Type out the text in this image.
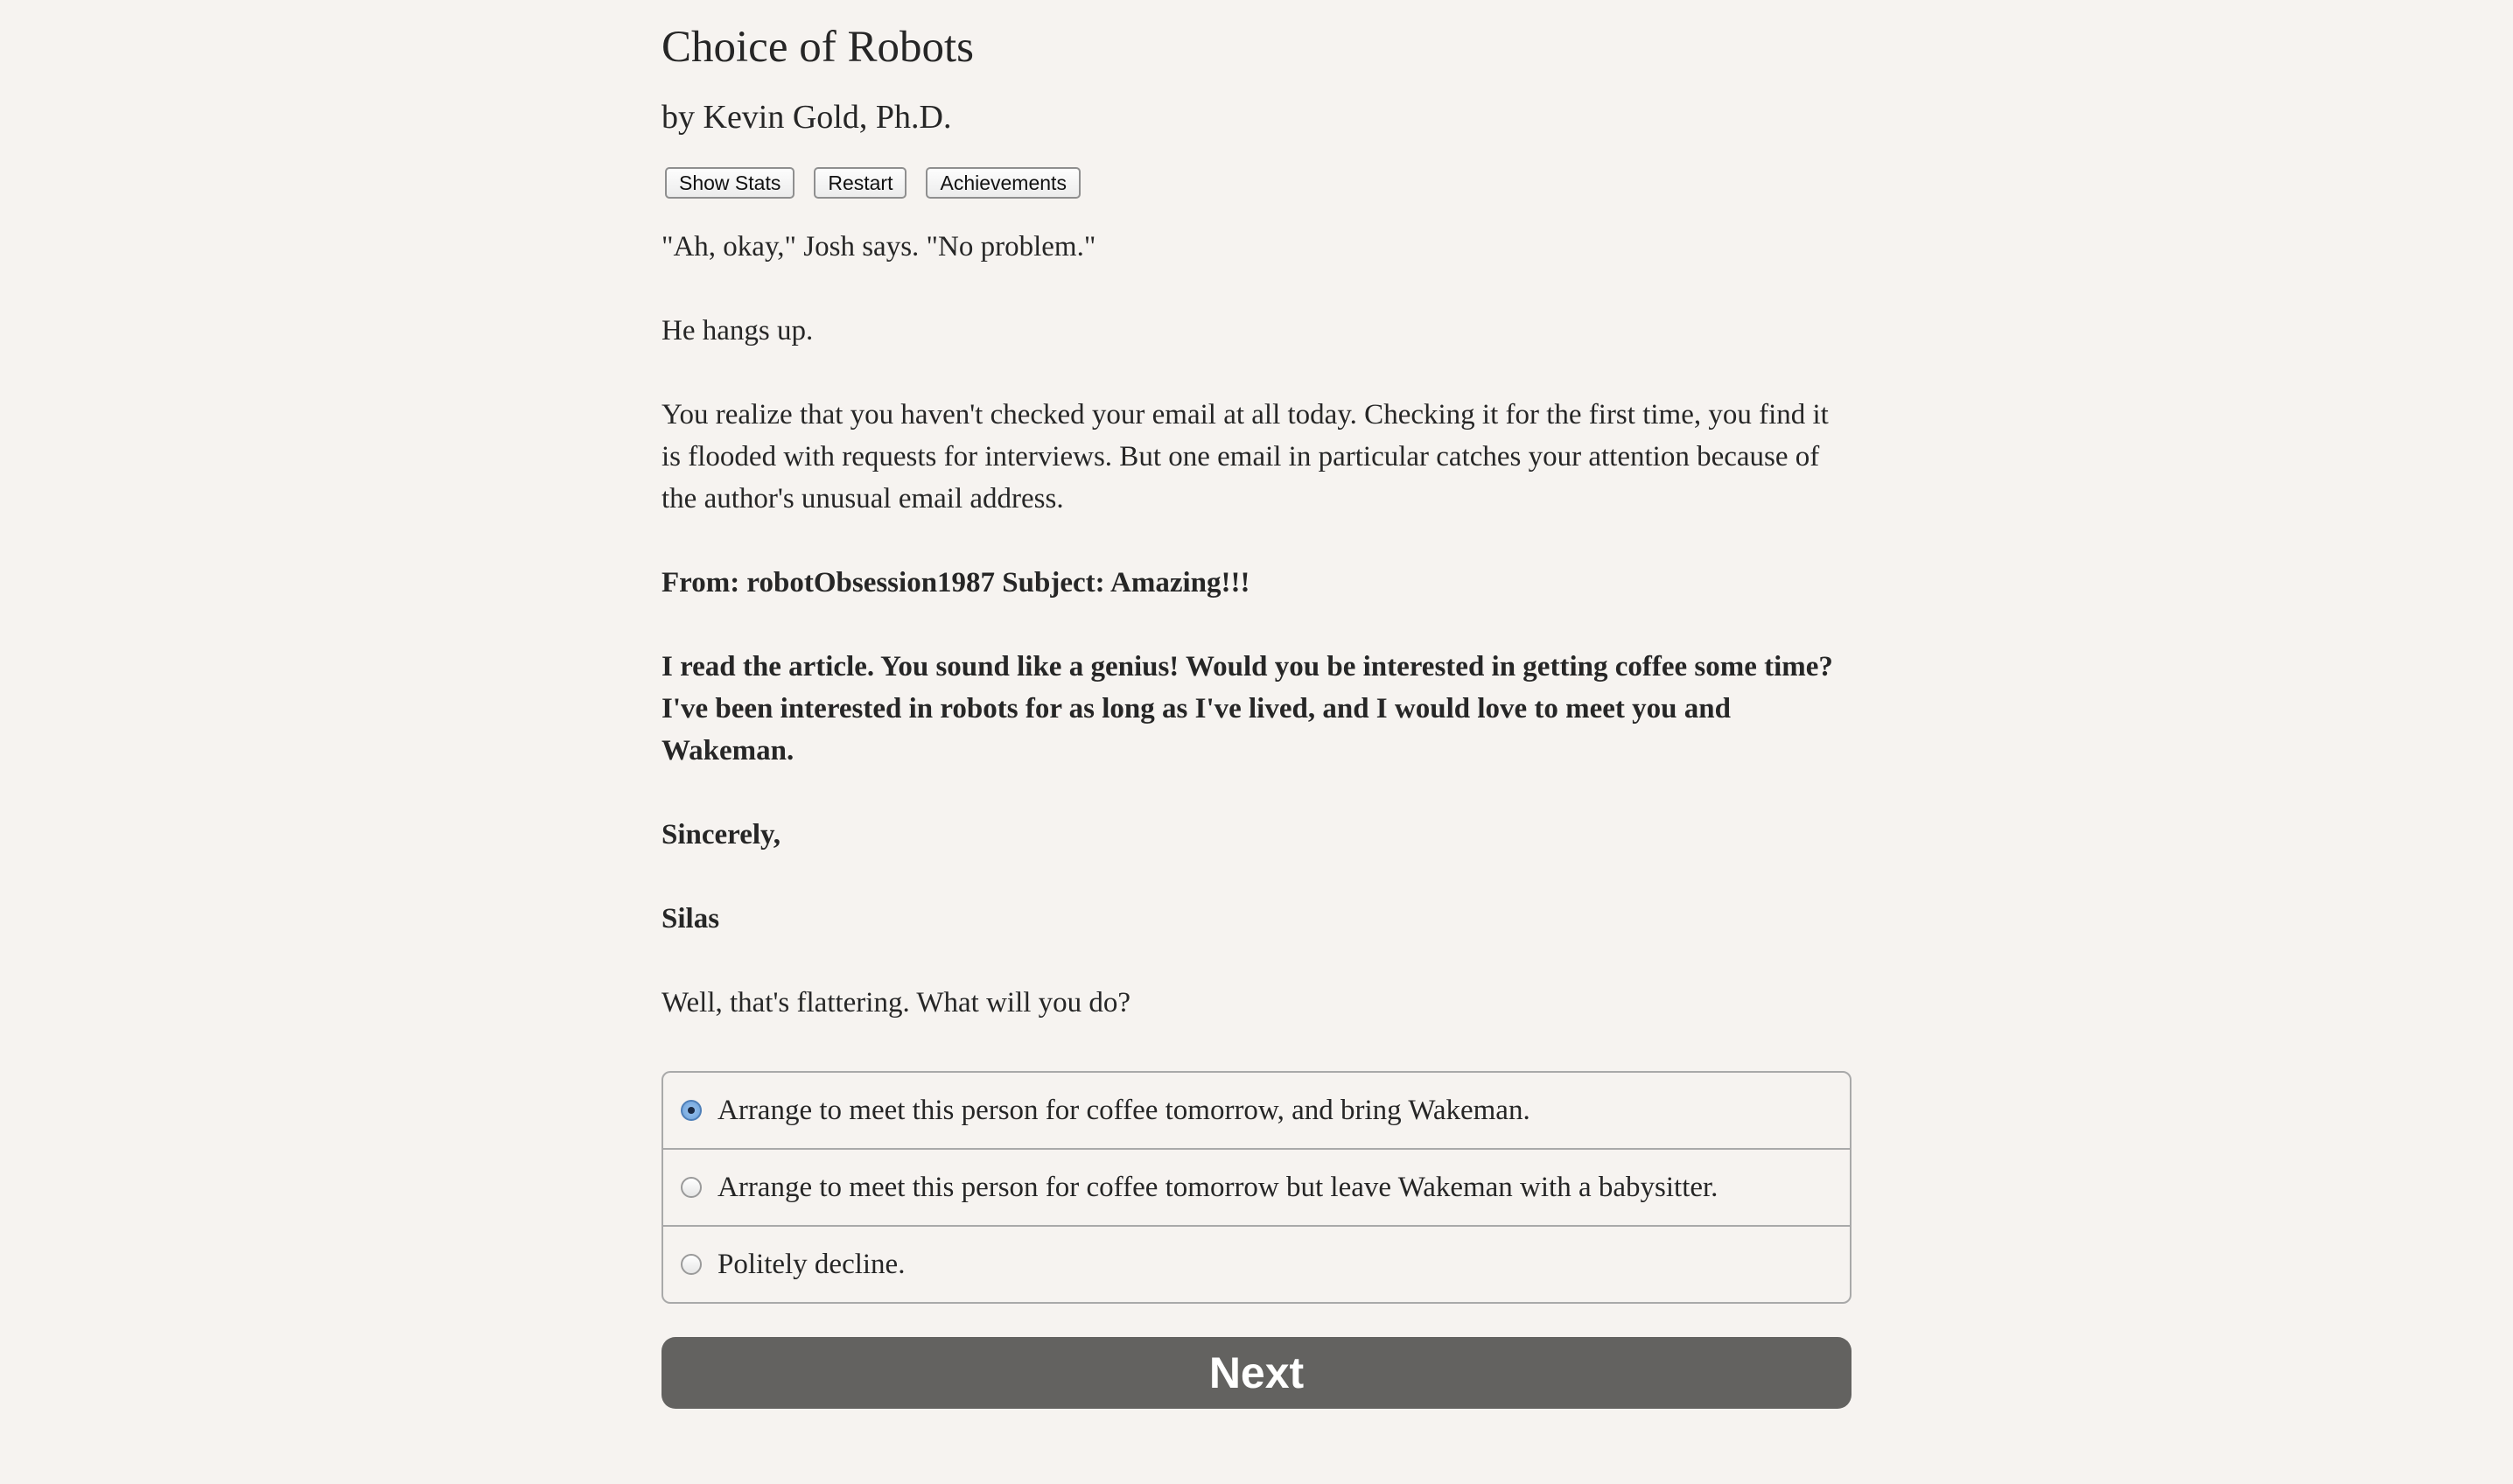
Choice of Robots
by Kevin Gold, Ph.D.
Show Stats	Restart	Achievements

"Ah, okay," Josh says. "No problem."

He hangs up.

You realize that you haven't checked your email at all today. Checking it for the first time, you find it is flooded with requests for interviews. But one email in particular catches your attention because of the author's unusual email address.

From: robotObsession1987 Subject: Amazing!!!

I read the article. You sound like a genius! Would you be interested in getting coffee some time? I've been interested in robots for as long as I've lived, and I would love to meet you and Wakeman.

Sincerely,

Silas

Well, that's flattering. What will you do?

Arrange to meet this person for coffee tomorrow, and bring Wakeman.
Arrange to meet this person for coffee tomorrow but leave Wakeman with a babysitter.
Politely decline.
Next
